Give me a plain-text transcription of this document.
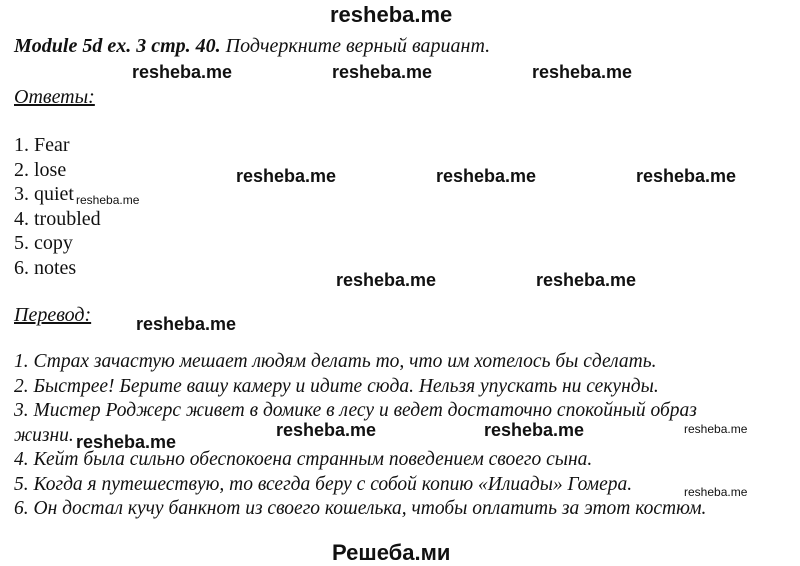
resheba.me
Module 5d ex. 3 стр. 40. Подчеркните верный вариант.
Ответы:
1. Fear
2. lose
3. quiet
4. troubled
5. copy
6. notes
Перевод:
1. Страх зачастую мешает людям делать то, что им хотелось бы сделать.
2. Быстрее! Берите вашу камеру и идите сюда. Нельзя упускать ни секунды.
3. Мистер Роджерс живет в домике в лесу и ведет достаточно спокойный образ
жизни.
4. Кейт была сильно обеспокоена странным поведением своего сына.
5. Когда я путешествую, то всегда беру с собой копию «Илиады» Гомера.
6. Он достал кучу банкнот из своего кошелька, чтобы оплатить за этот костюм.
resheba.me	resheba.me	resheba.me
resheba.me	resheba.me	resheba.me
resheba.me
resheba.me	resheba.me
resheba.me
resheba.me
resheba.me	resheba.me	resheba.me
resheba.me
Решеба.ми
